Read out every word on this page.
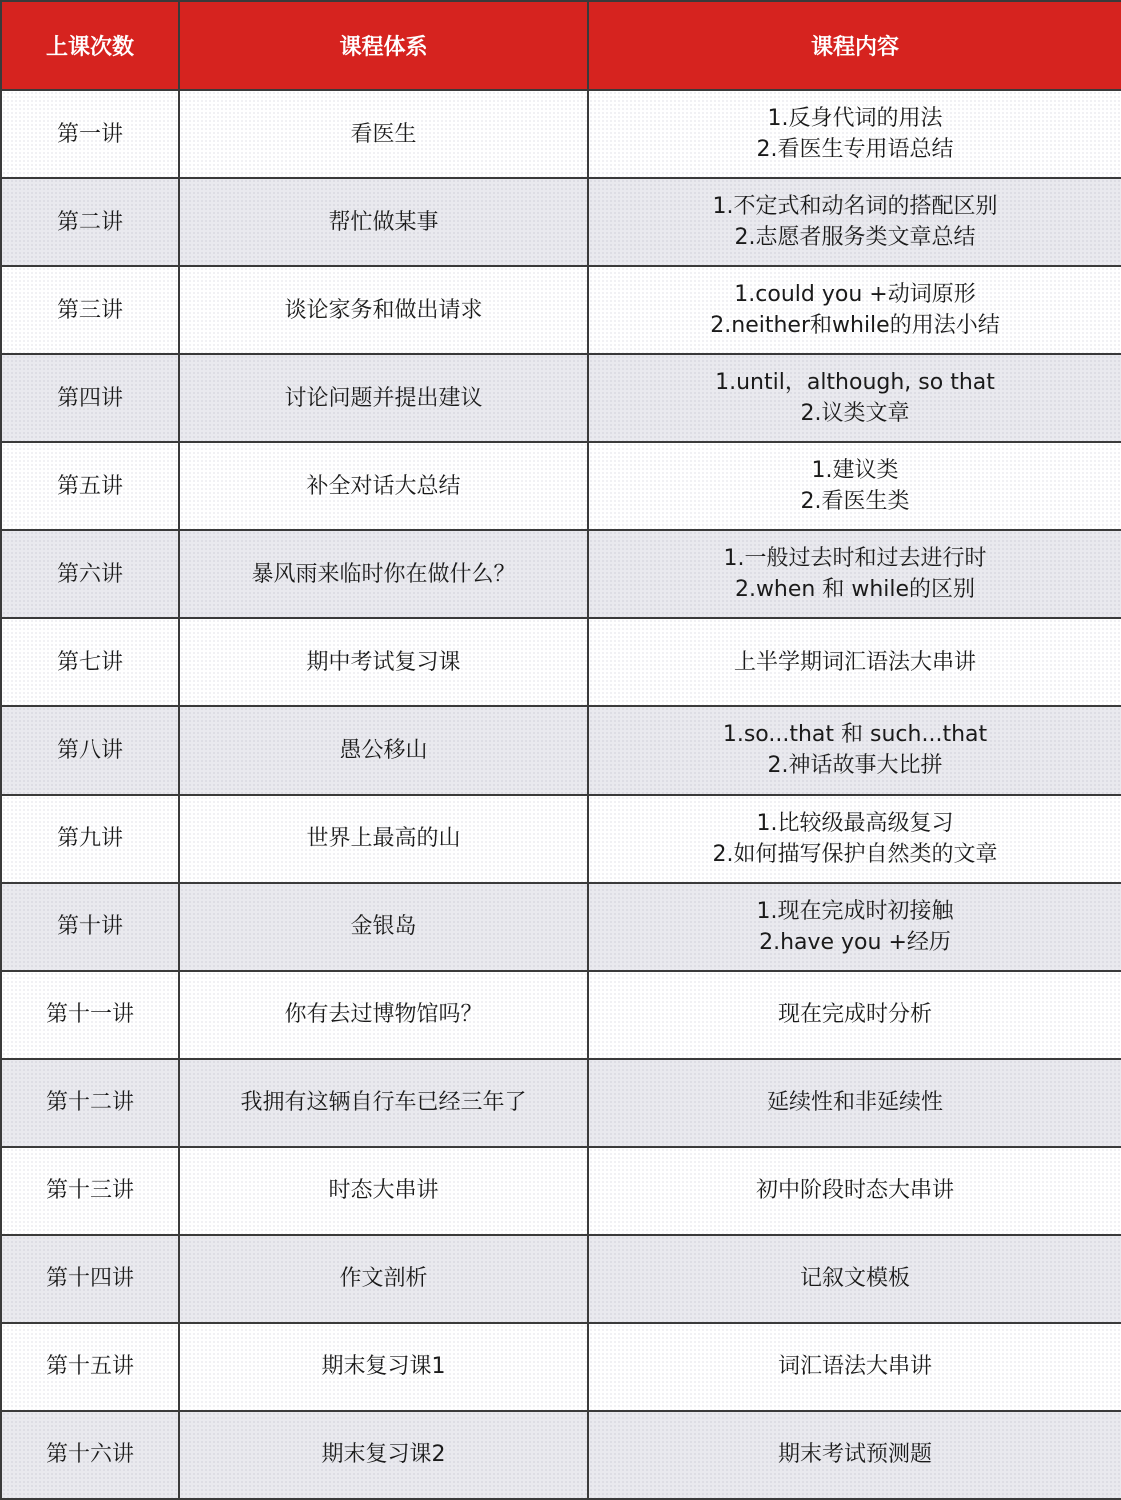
上课次数	课程体系	课程内容
第一讲	看医生	1.反身代词的用法
2.看医生专用语总结

第二讲	帮忙做某事	1.不定式和动名词的搭配区别
2.志愿者服务类文章总结

第三讲	谈论家务和做出请求	1.could you +动词原形
2.neither和while的用法小结

第四讲	讨论问题并提出建议	1.until，although, so that
2.议类文章

第五讲	补全对话大总结	1.建议类
2.看医生类

第六讲	暴风雨来临时你在做什么？	1.一般过去时和过去进行时
2.when 和 while的区别

第七讲	期中考试复习课	上半学期词汇语法大串讲

第八讲	愚公移山	1.so...that 和 such...that
2.神话故事大比拼

第九讲	世界上最高的山	1.比较级最高级复习
2.如何描写保护自然类的文章

第十讲	金银岛	1.现在完成时初接触
2.have you +经历

第十一讲	你有去过博物馆吗？	现在完成时分析

第十二讲	我拥有这辆自行车已经三年了	延续性和非延续性

第十三讲	时态大串讲	初中阶段时态大串讲

第十四讲	作文剖析	记叙文模板

第十五讲	期末复习课1	词汇语法大串讲

第十六讲	期末复习课2	期末考试预测题
